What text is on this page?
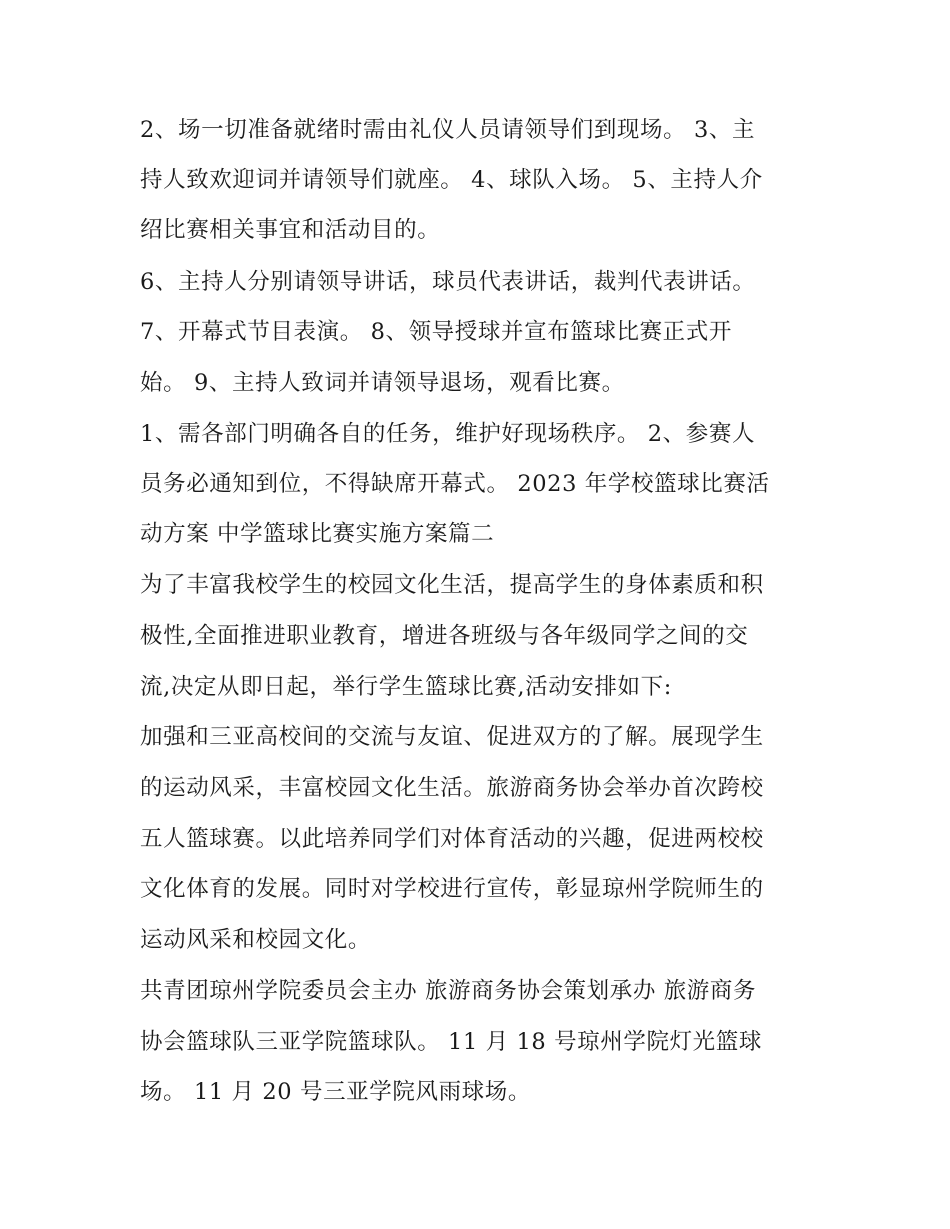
2、场一切准备就绪时需由礼仪人员请领导们到现场。 3、主
持人致欢迎词并请领导们就座。 4、球队入场。 5、主持人介
绍比赛相关事宜和活动目的。
6、主持人分别请领导讲话，球员代表讲话，裁判代表讲话。
7、开幕式节目表演。 8、领导授球并宣布篮球比赛正式开
始。 9、主持人致词并请领导退场，观看比赛。
1、需各部门明确各自的任务，维护好现场秩序。 2、参赛人
员务必通知到位，不得缺席开幕式。 2023 年学校篮球比赛活
动方案 中学篮球比赛实施方案篇二
为了丰富我校学生的校园文化生活，提高学生的身体素质和积
极性,全面推进职业教育，增进各班级与各年级同学之间的交
流,决定从即日起，举行学生篮球比赛,活动安排如下:
加强和三亚高校间的交流与友谊、促进双方的了解。展现学生
的运动风采，丰富校园文化生活。旅游商务协会举办首次跨校
五人篮球赛。以此培养同学们对体育活动的兴趣，促进两校校
文化体育的发展。同时对学校进行宣传，彰显琼州学院师生的
运动风采和校园文化。
共青团琼州学院委员会主办 旅游商务协会策划承办 旅游商务
协会篮球队三亚学院篮球队。 11 月 18 号琼州学院灯光篮球
场。 11 月 20 号三亚学院风雨球场。
